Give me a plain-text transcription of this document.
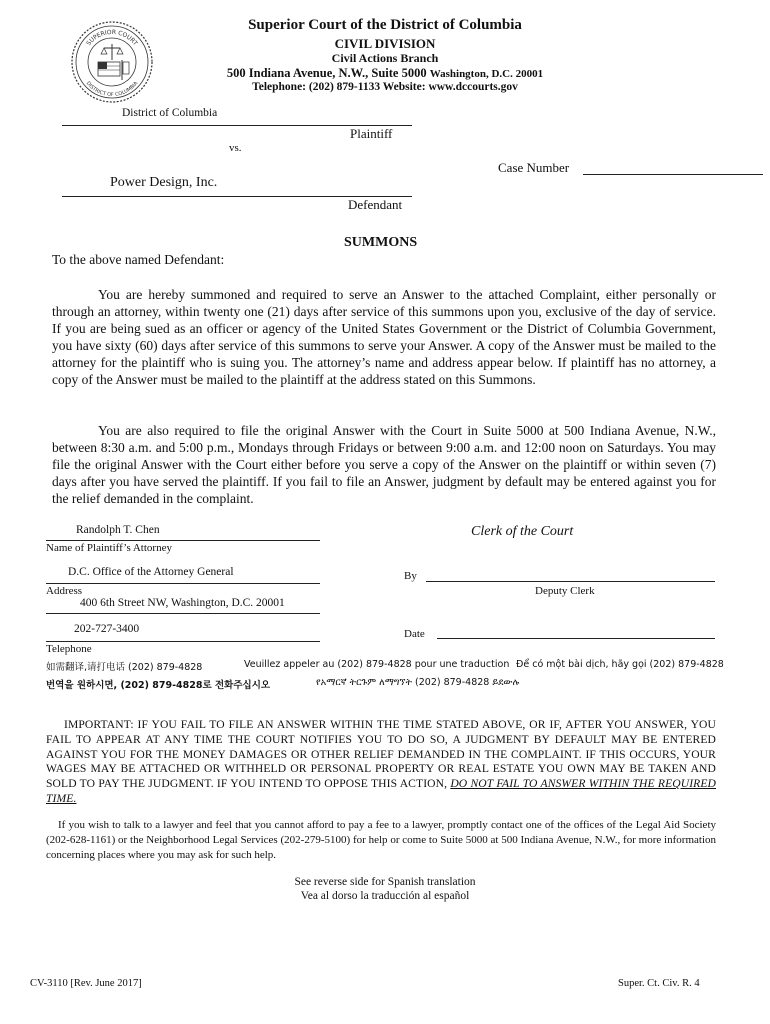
SUPERIOR COURT
DISTRICT OF COLUMBIA
Superior Court of the District of Columbia
CIVIL DIVISION
Civil Actions Branch
500 Indiana Avenue, N.W., Suite 5000 Washington, D.C. 20001
Telephone: (202) 879-1133 Website: www.dccourts.gov
District of Columbia
Plaintiff
vs.
Case Number
Power Design, Inc.
Defendant
SUMMONS
To the above named Defendant:
You are hereby summoned and required to serve an Answer to the attached Complaint, either personally or through an attorney, within twenty one (21) days after service of this summons upon you, exclusive of the day of service. If you are being sued as an officer or agency of the United States Government or the District of Columbia Government, you have sixty (60) days after service of this summons to serve your Answer. A copy of the Answer must be mailed to the attorney for the plaintiff who is suing you. The attorney’s name and address appear below. If plaintiff has no attorney, a copy of the Answer must be mailed to the plaintiff at the address stated on this Summons.
You are also required to file the original Answer with the Court in Suite 5000 at 500 Indiana Avenue, N.W., between 8:30 a.m. and 5:00 p.m., Mondays through Fridays or between 9:00 a.m. and 12:00 noon on Saturdays. You may file the original Answer with the Court either before you serve a copy of the Answer on the plaintiff or within seven (7) days after you have served the plaintiff. If you fail to file an Answer, judgment by default may be entered against you for the relief demanded in the complaint.
Randolph T. Chen
Name of Plaintiff’s Attorney
D.C. Office of the Attorney General
Address
400 6th Street NW, Washington, D.C. 20001
202-727-3400
Telephone
Clerk of the Court
By
Deputy Clerk
Date
如需翻译,请打电话 (202) 879-4828	Veuillez appeler au (202) 879-4828 pour une traduction Để có một bài dịch, hãy gọi (202) 879-4828
번역을 원하시면, (202) 879-4828로 전화주십시오	የአማርኛ ትርጉም ለማግኘት (202) 879-4828 ይደውሉ
IMPORTANT: IF YOU FAIL TO FILE AN ANSWER WITHIN THE TIME STATED ABOVE, OR IF, AFTER YOU ANSWER, YOU FAIL TO APPEAR AT ANY TIME THE COURT NOTIFIES YOU TO DO SO, A JUDGMENT BY DEFAULT MAY BE ENTERED AGAINST YOU FOR THE MONEY DAMAGES OR OTHER RELIEF DEMANDED IN THE COMPLAINT. IF THIS OCCURS, YOUR WAGES MAY BE ATTACHED OR WITHHELD OR PERSONAL PROPERTY OR REAL ESTATE YOU OWN MAY BE TAKEN AND SOLD TO PAY THE JUDGMENT. IF YOU INTEND TO OPPOSE THIS ACTION, DO NOT FAIL TO ANSWER WITHIN THE REQUIRED TIME.
If you wish to talk to a lawyer and feel that you cannot afford to pay a fee to a lawyer, promptly contact one of the offices of the Legal Aid Society (202-628-1161) or the Neighborhood Legal Services (202-279-5100) for help or come to Suite 5000 at 500 Indiana Avenue, N.W., for more information concerning places where you may ask for such help.
See reverse side for Spanish translation
Vea al dorso la traducción al español
CV-3110 [Rev. June 2017]	Super. Ct. Civ. R. 4
